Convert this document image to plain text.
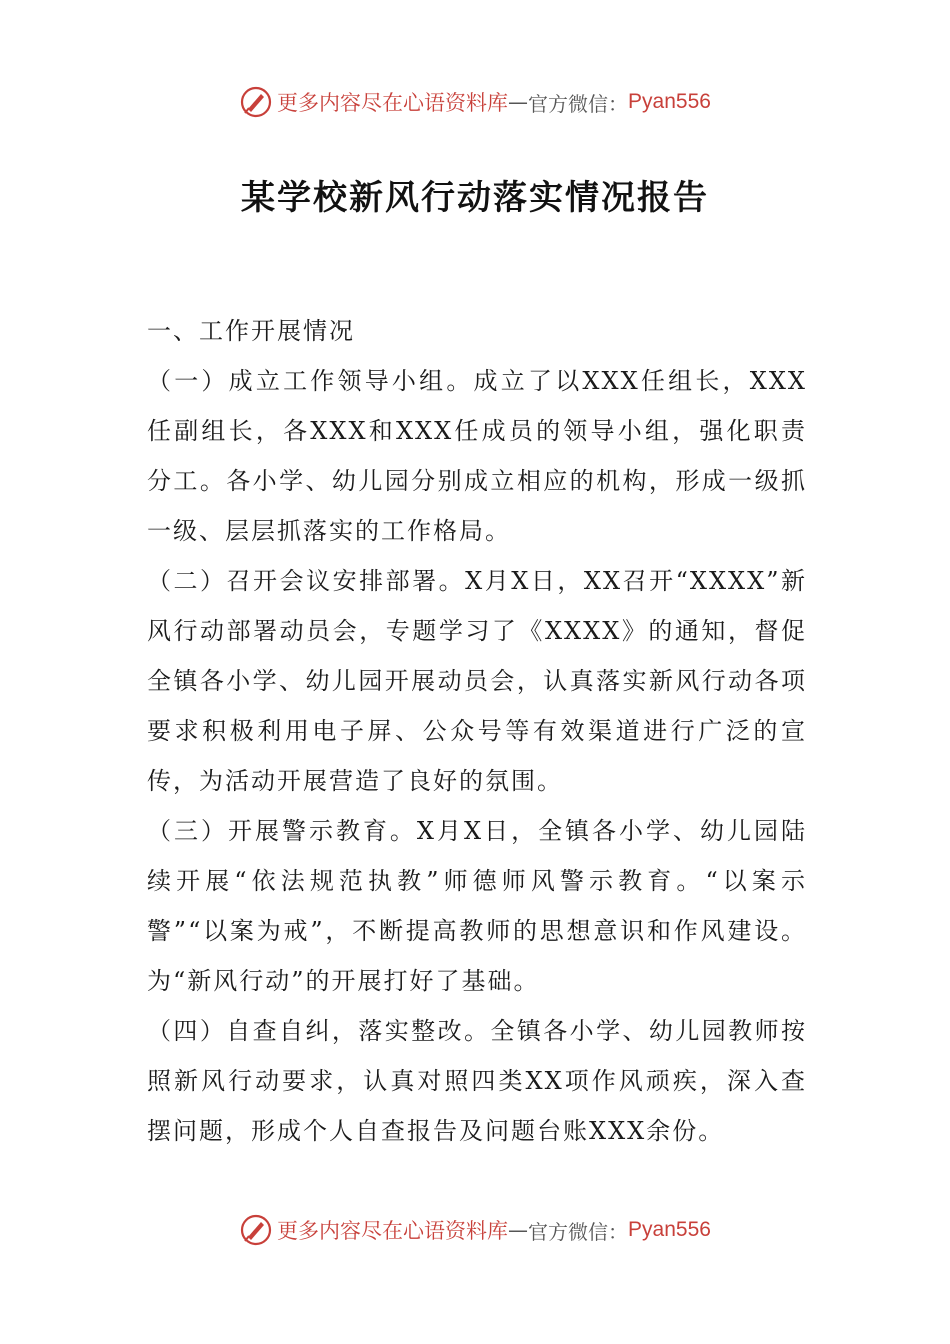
更多内容尽在心语资料库 — 官方微信： Pyan556
某学校新风行动落实情况报告

一、工作开展情况

（一）成立工作领导小组。成立了以XXX任组长，XXX任副组长，各XXX和XXX任成员的领导小组，强化职责分工。各小学、幼儿园分别成立相应的机构，形成一级抓一级、层层抓落实的工作格局。

（二）召开会议安排部署。X月X日，XX召开“XXXX”新风行动部署动员会，专题学习了《XXXX》的通知，督促全镇各小学、幼儿园开展动员会，认真落实新风行动各项要求积极利用电子屏、公众号等有效渠道进行广泛的宣传，为活动开展营造了良好的氛围。

（三）开展警示教育。X月X日，全镇各小学、幼儿园陆续开展“依法规范执教”师德师风警示教育。“以案示警”“以案为戒”，不断提高教师的思想意识和作风建设。为“新风行动”的开展打好了基础。

（四）自查自纠，落实整改。全镇各小学、幼儿园教师按照新风行动要求，认真对照四类XX项作风顽疾，深入查摆问题，形成个人自查报告及问题台账XXX余份。

更多内容尽在心语资料库 — 官方微信： Pyan556
